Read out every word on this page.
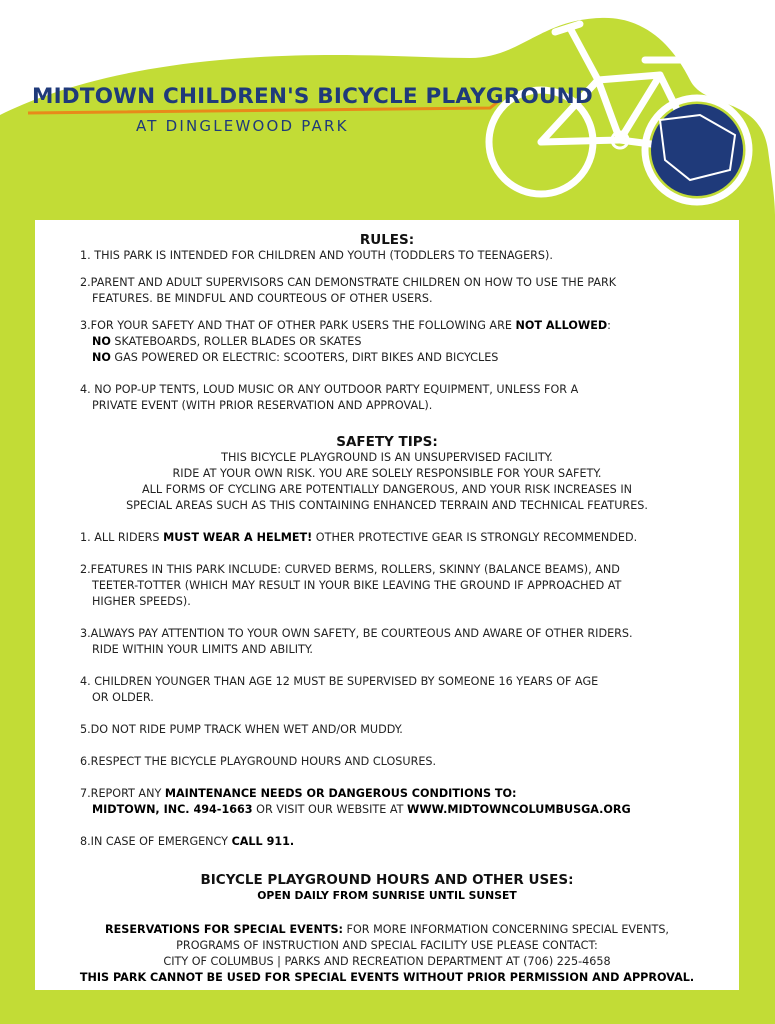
MIDTOWN CHILDREN'S BICYCLE PLAYGROUND
AT DINGLEWOOD PARK
RULES:
1. THIS PARK IS INTENDED FOR CHILDREN AND YOUTH (TODDLERS TO TEENAGERS).
2.PARENT AND ADULT SUPERVISORS CAN DEMONSTRATE CHILDREN ON HOW TO USE THE PARK
FEATURES. BE MINDFUL AND COURTEOUS OF OTHER USERS.
3.FOR YOUR SAFETY AND THAT OF OTHER PARK USERS THE FOLLOWING ARE NOT ALLOWED:
NO SKATEBOARDS, ROLLER BLADES OR SKATES
NO GAS POWERED OR ELECTRIC: SCOOTERS, DIRT BIKES AND BICYCLES
4. NO POP-UP TENTS, LOUD MUSIC OR ANY OUTDOOR PARTY EQUIPMENT, UNLESS FOR A
PRIVATE EVENT (WITH PRIOR RESERVATION AND APPROVAL).
SAFETY TIPS:
THIS BICYCLE PLAYGROUND IS AN UNSUPERVISED FACILITY.
RIDE AT YOUR OWN RISK. YOU ARE SOLELY RESPONSIBLE FOR YOUR SAFETY.
ALL FORMS OF CYCLING ARE POTENTIALLY DANGEROUS, AND YOUR RISK INCREASES IN
SPECIAL AREAS SUCH AS THIS CONTAINING ENHANCED TERRAIN AND TECHNICAL FEATURES.
1. ALL RIDERS MUST WEAR A HELMET! OTHER PROTECTIVE GEAR IS STRONGLY RECOMMENDED.
2.FEATURES IN THIS PARK INCLUDE: CURVED BERMS, ROLLERS, SKINNY (BALANCE BEAMS), AND
TEETER-TOTTER (WHICH MAY RESULT IN YOUR BIKE LEAVING THE GROUND IF APPROACHED AT
HIGHER SPEEDS).
3.ALWAYS PAY ATTENTION TO YOUR OWN SAFETY, BE COURTEOUS AND AWARE OF OTHER RIDERS.
RIDE WITHIN YOUR LIMITS AND ABILITY.
4. CHILDREN YOUNGER THAN AGE 12 MUST BE SUPERVISED BY SOMEONE 16 YEARS OF AGE
OR OLDER.
5.DO NOT RIDE PUMP TRACK WHEN WET AND/OR MUDDY.
6.RESPECT THE BICYCLE PLAYGROUND HOURS AND CLOSURES.
7.REPORT ANY MAINTENANCE NEEDS OR DANGEROUS CONDITIONS TO:
MIDTOWN, INC. 494-1663 OR VISIT OUR WEBSITE AT WWW.MIDTOWNCOLUMBUSGA.ORG
8.IN CASE OF EMERGENCY CALL 911.
BICYCLE PLAYGROUND HOURS AND OTHER USES:
OPEN DAILY FROM SUNRISE UNTIL SUNSET
RESERVATIONS FOR SPECIAL EVENTS: FOR MORE INFORMATION CONCERNING SPECIAL EVENTS,
PROGRAMS OF INSTRUCTION AND SPECIAL FACILITY USE PLEASE CONTACT:
CITY OF COLUMBUS | PARKS AND RECREATION DEPARTMENT AT (706) 225-4658
THIS PARK CANNOT BE USED FOR SPECIAL EVENTS WITHOUT PRIOR PERMISSION AND APPROVAL.
